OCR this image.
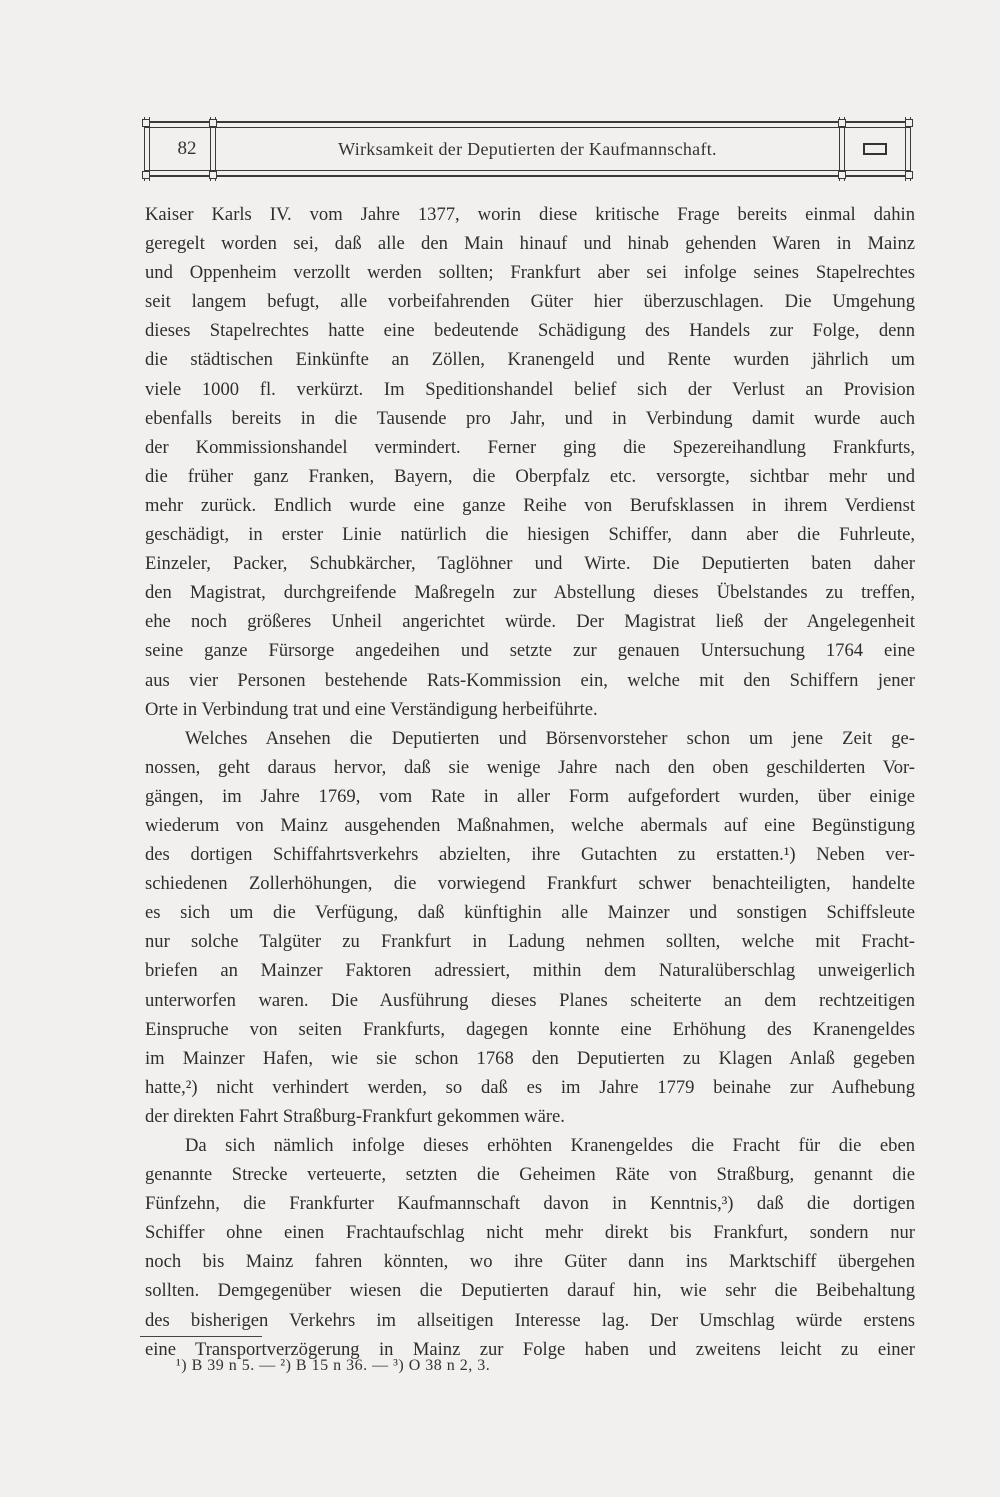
82	Wirksamkeit der Deputierten der Kaufmannschaft.
Kaiser Karls IV. vom Jahre 1377, worin diese kritische Frage bereits einmal dahin
geregelt worden sei, daß alle den Main hinauf und hinab gehenden Waren in Mainz
und Oppenheim verzollt werden sollten; Frankfurt aber sei infolge seines Stapelrechtes
seit langem befugt, alle vorbeifahrenden Güter hier überzuschlagen. Die Umgehung
dieses Stapelrechtes hatte eine bedeutende Schädigung des Handels zur Folge, denn
die städtischen Einkünfte an Zöllen, Kranengeld und Rente wurden jährlich um
viele 1000 fl. verkürzt. Im Speditionshandel belief sich der Verlust an Provision
ebenfalls bereits in die Tausende pro Jahr, und in Verbindung damit wurde auch
der Kommissionshandel vermindert. Ferner ging die Spezereihandlung Frankfurts,
die früher ganz Franken, Bayern, die Oberpfalz etc. versorgte, sichtbar mehr und
mehr zurück. Endlich wurde eine ganze Reihe von Berufsklassen in ihrem Verdienst
geschädigt, in erster Linie natürlich die hiesigen Schiffer, dann aber die Fuhrleute,
Einzeler, Packer, Schubkärcher, Taglöhner und Wirte. Die Deputierten baten daher
den Magistrat, durchgreifende Maßregeln zur Abstellung dieses Übelstandes zu treffen,
ehe noch größeres Unheil angerichtet würde. Der Magistrat ließ der Angelegenheit
seine ganze Fürsorge angedeihen und setzte zur genauen Untersuchung 1764 eine
aus vier Personen bestehende Rats-Kommission ein, welche mit den Schiffern jener
Orte in Verbindung trat und eine Verständigung herbeiführte.
Welches Ansehen die Deputierten und Börsenvorsteher schon um jene Zeit ge-
nossen, geht daraus hervor, daß sie wenige Jahre nach den oben geschilderten Vor-
gängen, im Jahre 1769, vom Rate in aller Form aufgefordert wurden, über einige
wiederum von Mainz ausgehenden Maßnahmen, welche abermals auf eine Begünstigung
des dortigen Schiffahrtsverkehrs abzielten, ihre Gutachten zu erstatten.¹) Neben ver-
schiedenen Zollerhöhungen, die vorwiegend Frankfurt schwer benachteiligten, handelte
es sich um die Verfügung, daß künftighin alle Mainzer und sonstigen Schiffsleute
nur solche Talgüter zu Frankfurt in Ladung nehmen sollten, welche mit Fracht-
briefen an Mainzer Faktoren adressiert, mithin dem Naturalüberschlag unweigerlich
unterworfen waren. Die Ausführung dieses Planes scheiterte an dem rechtzeitigen
Einspruche von seiten Frankfurts, dagegen konnte eine Erhöhung des Kranengeldes
im Mainzer Hafen, wie sie schon 1768 den Deputierten zu Klagen Anlaß gegeben
hatte,²) nicht verhindert werden, so daß es im Jahre 1779 beinahe zur Aufhebung
der direkten Fahrt Straßburg-Frankfurt gekommen wäre.
Da sich nämlich infolge dieses erhöhten Kranengeldes die Fracht für die eben
genannte Strecke verteuerte, setzten die Geheimen Räte von Straßburg, genannt die
Fünfzehn, die Frankfurter Kaufmannschaft davon in Kenntnis,³) daß die dortigen
Schiffer ohne einen Frachtaufschlag nicht mehr direkt bis Frankfurt, sondern nur
noch bis Mainz fahren könnten, wo ihre Güter dann ins Marktschiff übergehen
sollten. Demgegenüber wiesen die Deputierten darauf hin, wie sehr die Beibehaltung
des bisherigen Verkehrs im allseitigen Interesse lag. Der Umschlag würde erstens
eine Transportverzögerung in Mainz zur Folge haben und zweitens leicht zu einer
¹) B 39 n 5. — ²) B 15 n 36. — ³) O 38 n 2, 3.
